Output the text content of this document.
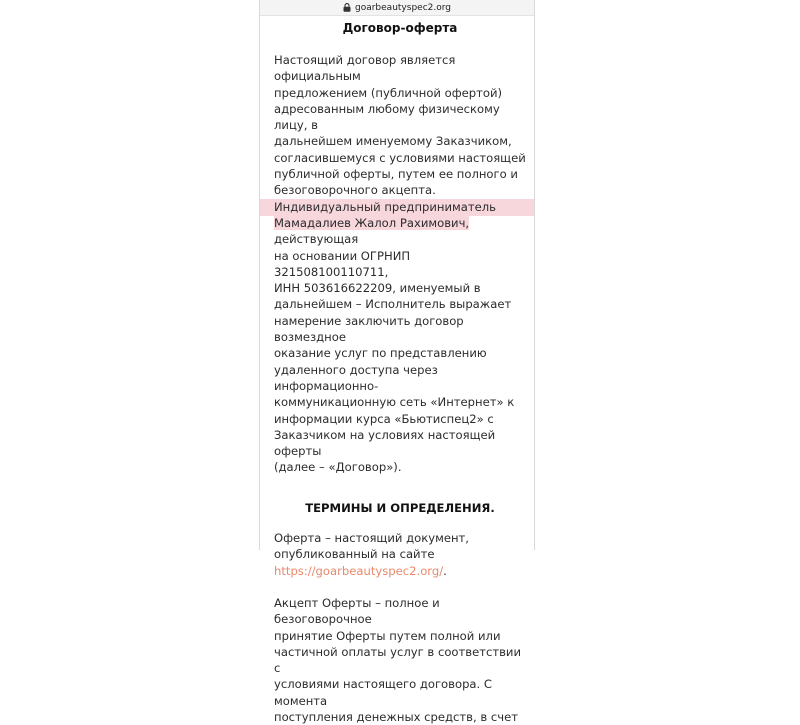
goarbeautyspec2.org
Договор-оферта

Настоящий договор является официальным

предложением (публичной офертой)

адресованным любому физическому лицу, в

дальнейшем именуемому Заказчиком,

согласившемуся с условиями настоящей

публичной оферты, путем ее полного и

безоговорочного акцепта.

Индивидуальный предприниматель

Мамадалиев Жалол Рахимович, действующая

на основании ОГРНИП 321508100110711,

ИНН 503616622209, именуемый в

дальнейшем – Исполнитель выражает

намерение заключить договор возмездное

оказание услуг по представлению

удаленного доступа через информационно-

коммуникационную сеть «Интернет» к

информации курса «Бьютиспец2» с

Заказчиком на условиях настоящей оферты

(далее – «Договор»).

ТЕРМИНЫ И ОПРЕДЕЛЕНИЯ.

Оферта – настоящий документ,

опубликованный на сайте

https://goarbeautyspec2.org/.

Акцепт Оферты – полное и безоговорочное

принятие Оферты путем полной или

частичной оплаты услуг в соответствии с

условиями настоящего договора. С момента

поступления денежных средств, в счет
